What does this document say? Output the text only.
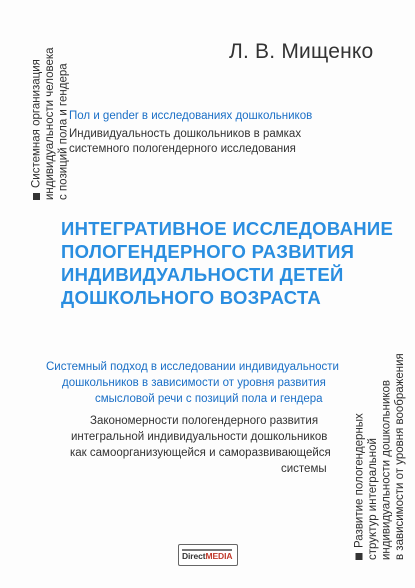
Системная организация
индивидуальности человека
с позиций пола и гендера

Развитие пологендерных
структур интегральной
индивидуальности дошкольников
в зависимости от уровня воображения

Л. В. Мищенко
Пол и gender в исследованиях дошкольников
Индивидуальность дошкольников в рамках
системного полoгендерного исследования
ИНТЕГРАТИВНОЕ ИССЛЕДОВАНИЕ
ПОЛОГЕНДЕРНОГО РАЗВИТИЯ
ИНДИВИДУАЛЬНОСТИ ДЕТЕЙ
ДОШКОЛЬНОГО ВОЗРАСТА
Системный подход в исследовании индивидуальности
дошкольников в зависимости от уровня развития
смысловой речи с позиций пола и гендера
Закономерности полoгендерного развития
интегральной индивидуальности дошкольников
как самоорганизующейся и саморазвивающейся
системы
DirectMEDIA
